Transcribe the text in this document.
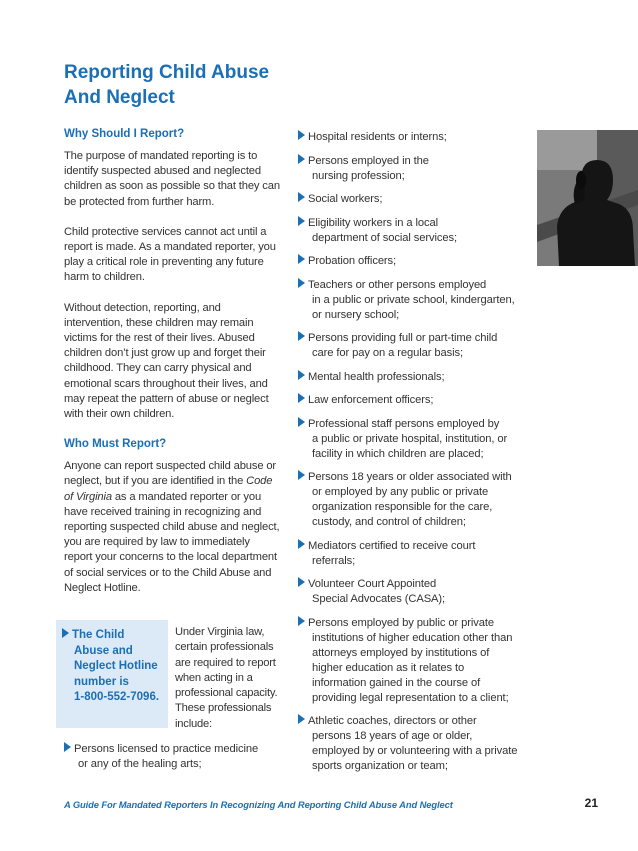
Reporting Child Abuse
And Neglect
Why Should I Report?

The purpose of mandated reporting is to identify suspected abused and neglected children as soon as possible so that they can be protected from further harm.

Child protective services cannot act until a report is made. As a mandated reporter, you play a critical role in preventing any future harm to children.

Without detection, reporting, and intervention, these children may remain victims for the rest of their lives. Abused children don’t just grow up and forget their childhood. They can carry physical and emotional scars throughout their lives, and may repeat the pattern of abuse or neglect with their own children.

Who Must Report?

Anyone can report suspected child abuse or neglect, but if you are identified in the Code of Virginia as a mandated reporter or you have received training in recognizing and reporting suspected child abuse and neglect, you are required by law to immediately report your concerns to the local department of social services or to the Child Abuse and Neglect Hotline.

The Child
Abuse and
Neglect Hotline
number is
1-800-552-7096.
Under Virginia law, certain professionals are required to report when acting in a professional capacity. These professionals include:
Persons licensed to practice medicine
or any of the healing arts;
Hospital residents or interns;
Persons employed in the
nursing profession;
Social workers;
Eligibility workers in a local
department of social services;
Probation officers;
Teachers or other persons employed
in a public or private school, kindergarten,
or nursery school;
Persons providing full or part-time child
care for pay on a regular basis;
Mental health professionals;
Law enforcement officers;
Professional staff persons employed by
a public or private hospital, institution, or
facility in which children are placed;
Persons 18 years or older associated with
or employed by any public or private
organization responsible for the care,
custody, and control of children;
Mediators certified to receive court
referrals;
Volunteer Court Appointed
Special Advocates (CASA);
Persons employed by public or private
institutions of higher education other than
attorneys employed by institutions of
higher education as it relates to
information gained in the course of
providing legal representation to a client;
Athletic coaches, directors or other
persons 18 years of age or older,
employed by or volunteering with a private
sports organization or team;
A Guide For Mandated Reporters In Recognizing And Reporting Child Abuse And Neglect	21
